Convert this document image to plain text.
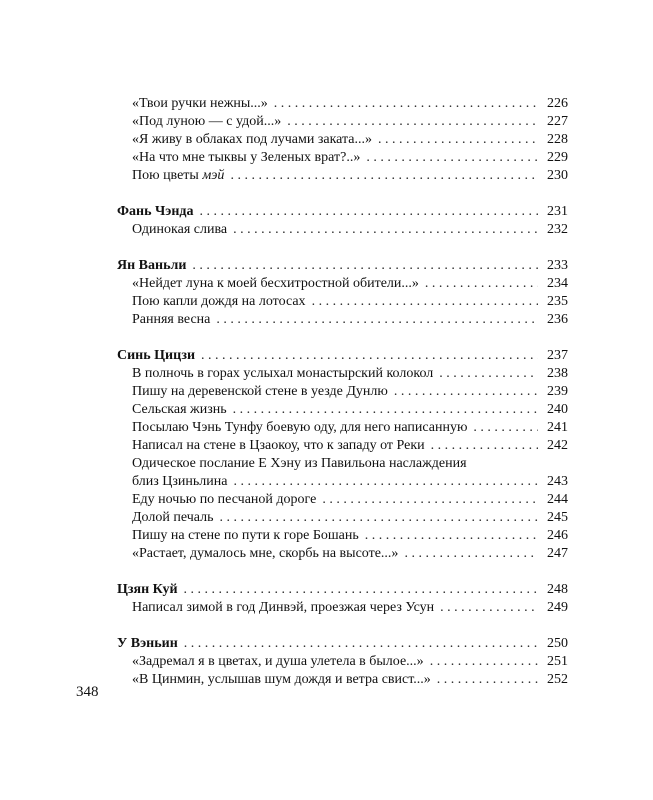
«Твои ручки нежны...» . . .	226
«Под луною — с удой...» . . .	227
«Я живу в облаках под лучами заката...» . . .	228
«На что мне тыквы у Зеленых врат?..» . . .	229
Пою цветы мэй . . .	230
Фань Чэнда . . .	231
Одинокая слива . . .	232
Ян Ваньли . . .	233
«Нейдет луна к моей бесхитростной обители...» . . .	234
Пою капли дождя на лотосах . . .	235
Ранняя весна . . .	236
Синь Цицзи . . .	237
В полночь в горах услыхал монастырский колокол . . .	238
Пишу на деревенской стене в уезде Дунлю . . .	239
Сельская жизнь . . .	240
Посылаю Чэнь Тунфу боевую оду, для него написанную . . .	241
Написал на стене в Цзаокоу, что к западу от Реки . . .	242
Одическое послание Е Хэну из Павильона наслаждения
близ Цзиньлина . . .	243
Еду ночью по песчаной дороге . . .	244
Долой печаль . . .	245
Пишу на стене по пути к горе Бошань . . .	246
«Растает, думалось мне, скорбь на высоте...» . . .	247
Цзян Куй . . .	248
Написал зимой в год Динвэй, проезжая через Усун . . .	249
У Вэньин . . .	250
«Задремал я в цветах, и душа улетела в былое...» . . .	251
«В Цинмин, услышав шум дождя и ветра свист...» . . .	252
348
